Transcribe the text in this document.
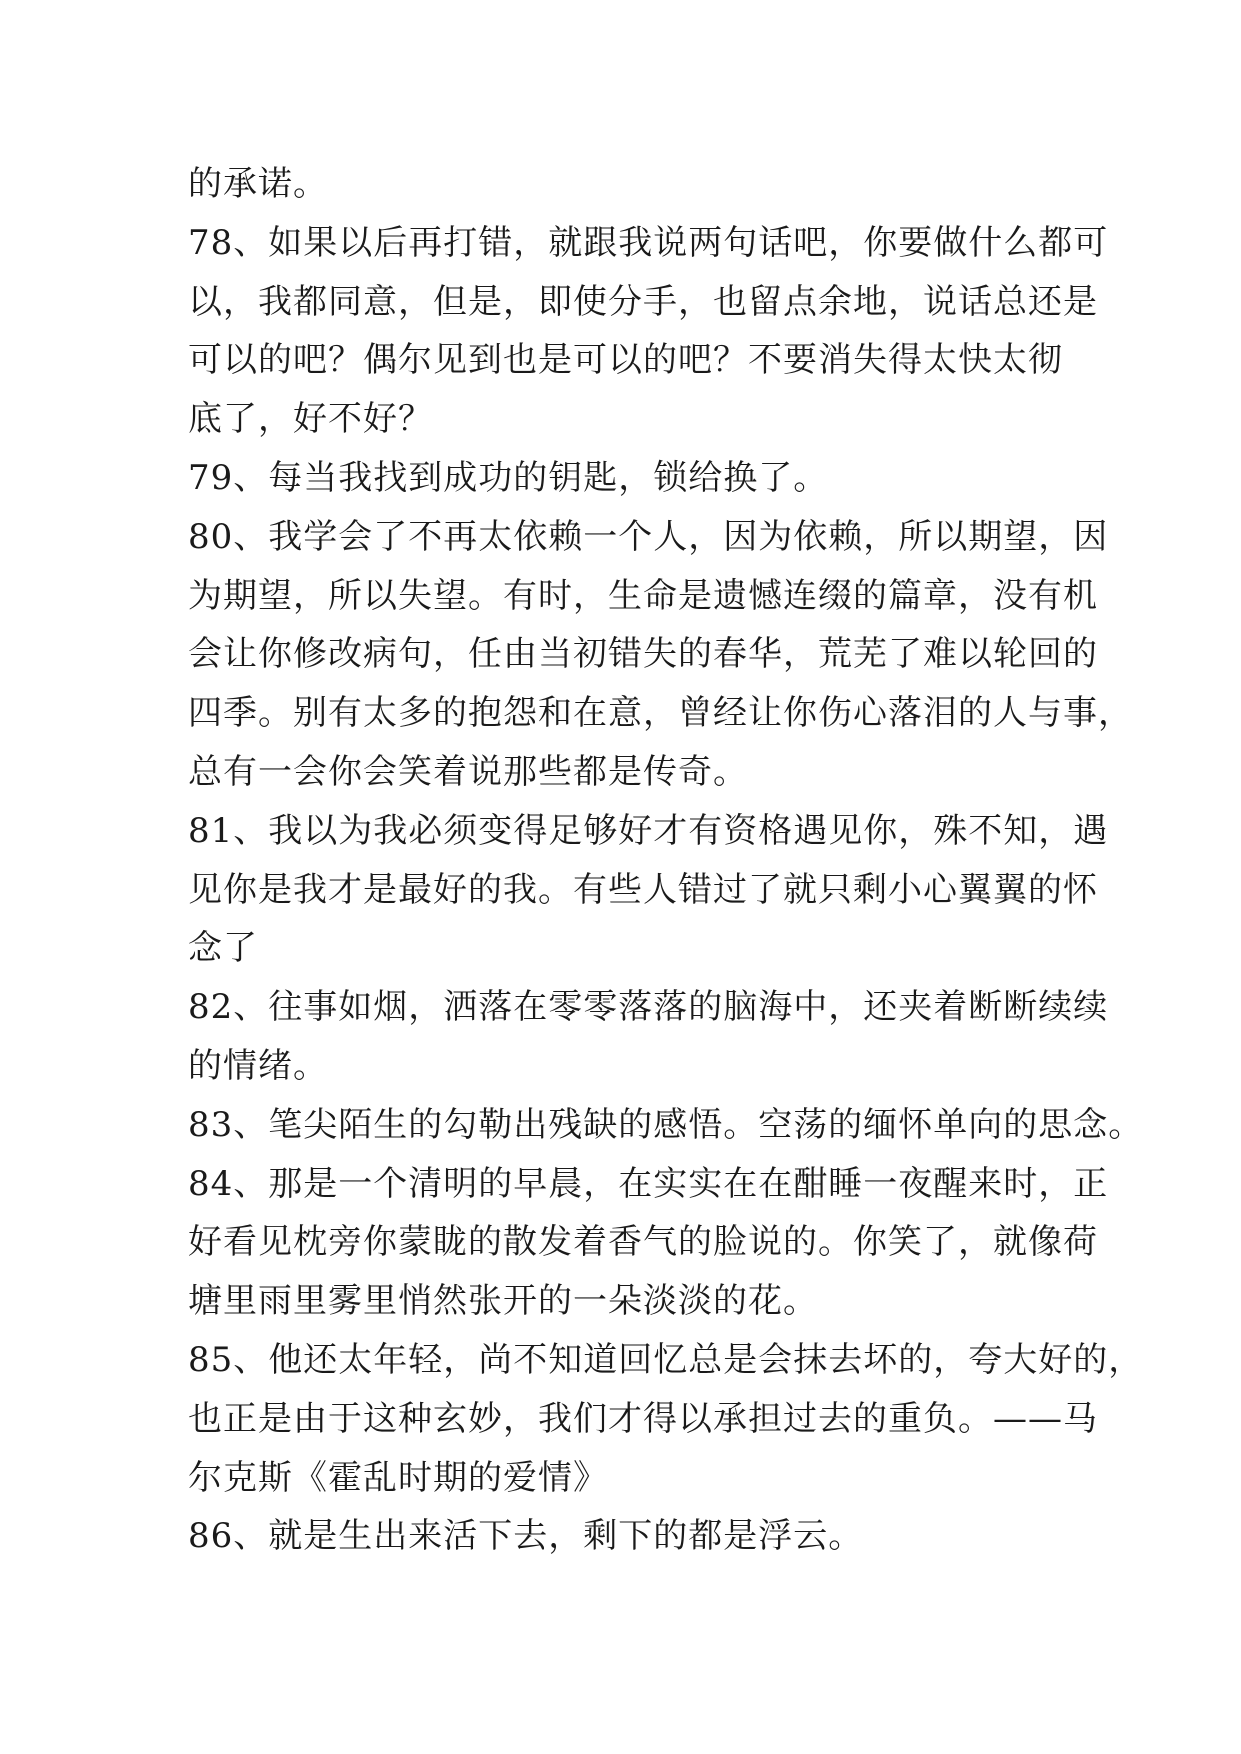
的承诺。
78、如果以后再打错，就跟我说两句话吧，你要做什么都可
以，我都同意，但是，即使分手，也留点余地，说话总还是
可以的吧？偶尔见到也是可以的吧？不要消失得太快太彻
底了，好不好？
79、每当我找到成功的钥匙，锁给换了。
80、我学会了不再太依赖一个人，因为依赖，所以期望，因
为期望，所以失望。有时，生命是遗憾连缀的篇章，没有机
会让你修改病句，任由当初错失的春华，荒芜了难以轮回的
四季。别有太多的抱怨和在意，曾经让你伤心落泪的人与事，
总有一会你会笑着说那些都是传奇。
81、我以为我必须变得足够好才有资格遇见你，殊不知，遇
见你是我才是最好的我。有些人错过了就只剩小心翼翼的怀
念了
82、往事如烟，洒落在零零落落的脑海中，还夹着断断续续
的情绪。
83、笔尖陌生的勾勒出残缺的感悟。空荡的缅怀单向的思念。
84、那是一个清明的早晨，在实实在在酣睡一夜醒来时，正
好看见枕旁你蒙眬的散发着香气的脸说的。你笑了，就像荷
塘里雨里雾里悄然张开的一朵淡淡的花。
85、他还太年轻，尚不知道回忆总是会抹去坏的，夸大好的，
也正是由于这种玄妙，我们才得以承担过去的重负。——马
尔克斯《霍乱时期的爱情》
86、就是生出来活下去，剩下的都是浮云。
